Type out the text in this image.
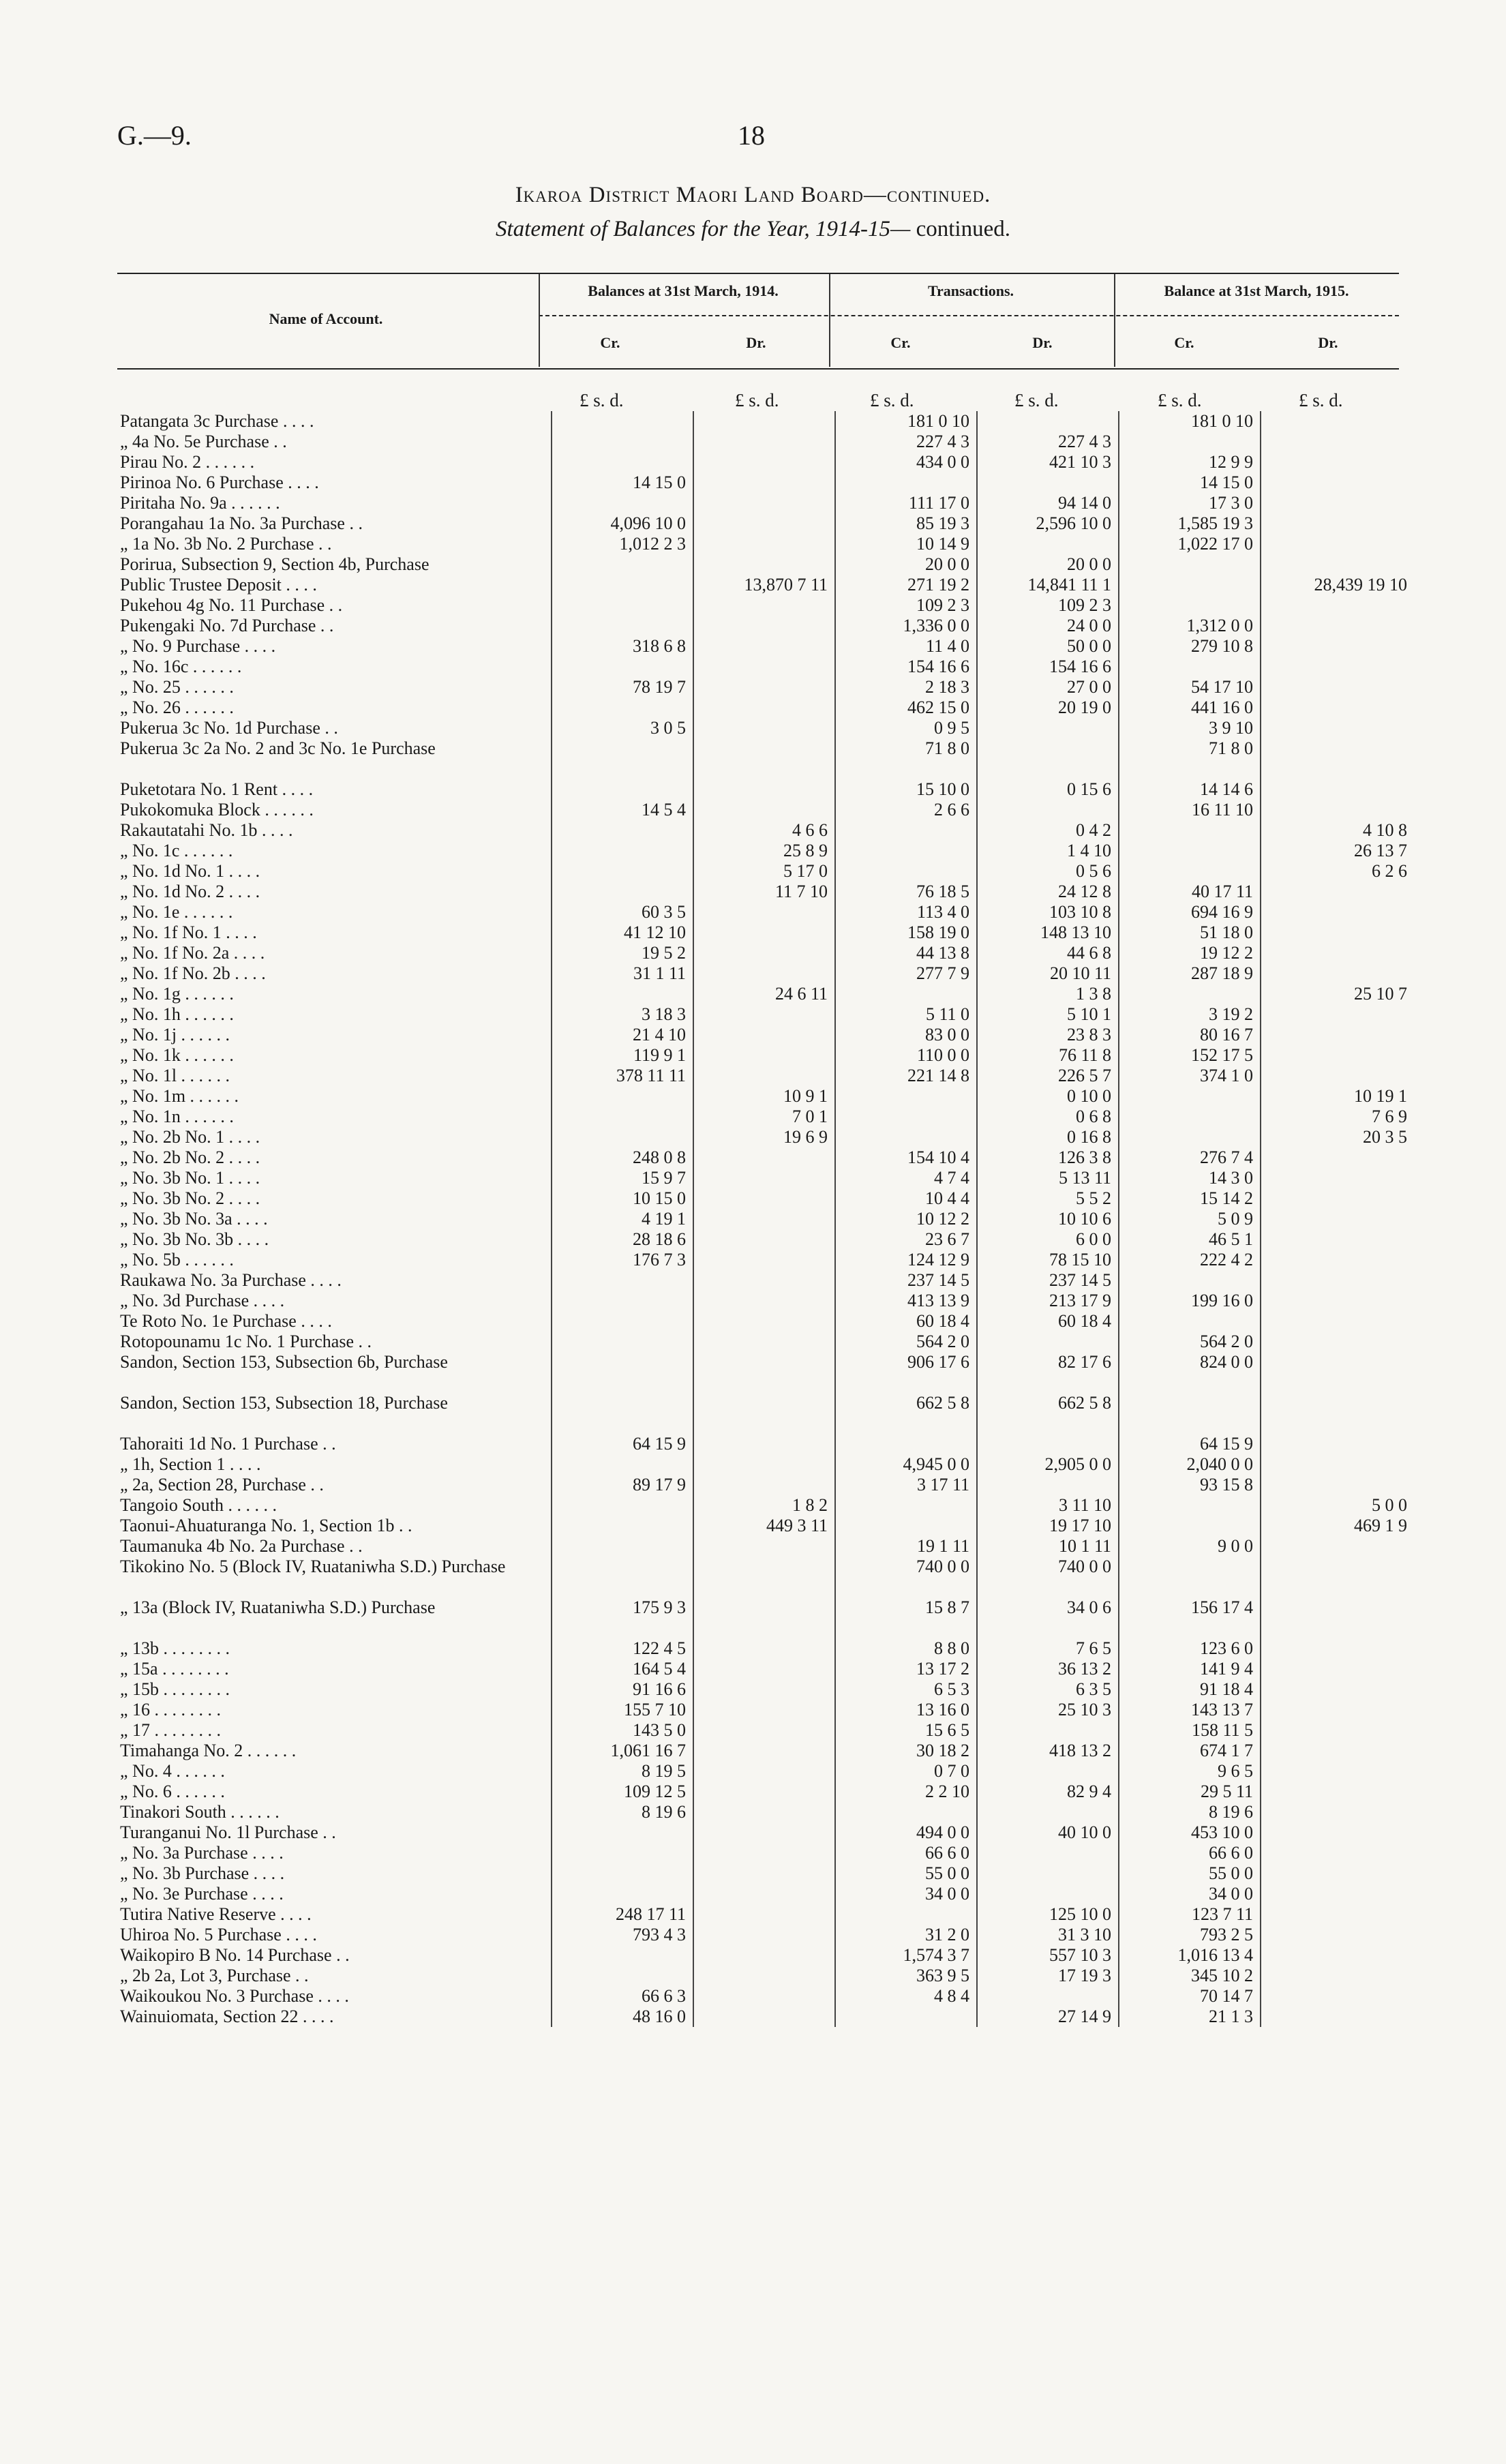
G.—9.	18
Ikaroa District Maori Land Board—continued.
Statement of Balances for the Year, 1914-15— continued.
Name of Account.
Balances at 31st March, 1914.	Transactions.	Balance at 31st March, 1915.
Cr.	Dr.	Cr.	Dr.	Cr.	Dr.
£ s. d.	£ s. d.	£ s. d.	£ s. d.	£ s. d.	£ s. d.
Patangata 3c Purchase . . . .			181 0 10		181 0 10	
„ 4a No. 5e Purchase . .			227 4 3	227 4 3		
Pirau No. 2 . . . . . .			434 0 0	421 10 3	12 9 9	
Pirinoa No. 6 Purchase . . . .	14 15 0				14 15 0	
Piritaha No. 9a . . . . . .			111 17 0	94 14 0	17 3 0	
Porangahau 1a No. 3a Purchase . .	4,096 10 0		85 19 3	2,596 10 0	1,585 19 3	
„ 1a No. 3b No. 2 Purchase . .	1,012 2 3		10 14 9		1,022 17 0	
Porirua, Subsection 9, Section 4b, Purchase			20 0 0	20 0 0		
Public Trustee Deposit . . . .		13,870 7 11	271 19 2	14,841 11 1		28,439 19 10
Pukehou 4g No. 11 Purchase . .			109 2 3	109 2 3		
Pukengaki No. 7d Purchase . .			1,336 0 0	24 0 0	1,312 0 0	
„ No. 9 Purchase . . . .	318 6 8		11 4 0	50 0 0	279 10 8	
„ No. 16c . . . . . .			154 16 6	154 16 6		
„ No. 25 . . . . . .	78 19 7		2 18 3	27 0 0	54 17 10	
„ No. 26 . . . . . .			462 15 0	20 19 0	441 16 0	
Pukerua 3c No. 1d Purchase . .	3 0 5		0 9 5		3 9 10	
Pukerua 3c 2a No. 2 and 3c No. 1e Purchase			71 8 0		71 8 0	
Puketotara No. 1 Rent . . . .			15 10 0	0 15 6	14 14 6	
Pukokomuka Block . . . . . .	14 5 4		2 6 6		16 11 10	
Rakautatahi No. 1b . . . .		4 6 6		0 4 2		4 10 8
„ No. 1c . . . . . .		25 8 9		1 4 10		26 13 7
„ No. 1d No. 1 . . . .		5 17 0		0 5 6		6 2 6
„ No. 1d No. 2 . . . .		11 7 10	76 18 5	24 12 8	40 17 11	
„ No. 1e . . . . . .	60 3 5		113 4 0	103 10 8	694 16 9	
„ No. 1f No. 1 . . . .	41 12 10		158 19 0	148 13 10	51 18 0	
„ No. 1f No. 2a . . . .	19 5 2		44 13 8	44 6 8	19 12 2	
„ No. 1f No. 2b . . . .	31 1 11		277 7 9	20 10 11	287 18 9	
„ No. 1g . . . . . .		24 6 11		1 3 8		25 10 7
„ No. 1h . . . . . .	3 18 3		5 11 0	5 10 1	3 19 2	
„ No. 1j . . . . . .	21 4 10		83 0 0	23 8 3	80 16 7	
„ No. 1k . . . . . .	119 9 1		110 0 0	76 11 8	152 17 5	
„ No. 1l . . . . . .	378 11 11		221 14 8	226 5 7	374 1 0	
„ No. 1m . . . . . .		10 9 1		0 10 0		10 19 1
„ No. 1n . . . . . .		7 0 1		0 6 8		7 6 9
„ No. 2b No. 1 . . . .		19 6 9		0 16 8		20 3 5
„ No. 2b No. 2 . . . .	248 0 8		154 10 4	126 3 8	276 7 4	
„ No. 3b No. 1 . . . .	15 9 7		4 7 4	5 13 11	14 3 0	
„ No. 3b No. 2 . . . .	10 15 0		10 4 4	5 5 2	15 14 2	
„ No. 3b No. 3a . . . .	4 19 1		10 12 2	10 10 6	5 0 9	
„ No. 3b No. 3b . . . .	28 18 6		23 6 7	6 0 0	46 5 1	
„ No. 5b . . . . . .	176 7 3		124 12 9	78 15 10	222 4 2	
Raukawa No. 3a Purchase . . . .			237 14 5	237 14 5		
„ No. 3d Purchase . . . .			413 13 9	213 17 9	199 16 0	
Te Roto No. 1e Purchase . . . .			60 18 4	60 18 4		
Rotopounamu 1c No. 1 Purchase . .			564 2 0		564 2 0	
Sandon, Section 153, Subsection 6b, Purchase			906 17 6	82 17 6	824 0 0	
Sandon, Section 153, Subsection 18, Purchase			662 5 8	662 5 8		
Tahoraiti 1d No. 1 Purchase . .	64 15 9				64 15 9	
„ 1h, Section 1 . . . .			4,945 0 0	2,905 0 0	2,040 0 0	
„ 2a, Section 28, Purchase . .	89 17 9		3 17 11		93 15 8	
Tangoio South . . . . . .		1 8 2		3 11 10		5 0 0
Taonui-Ahuaturanga No. 1, Section 1b . .		449 3 11		19 17 10		469 1 9
Taumanuka 4b No. 2a Purchase . .			19 1 11	10 1 11	9 0 0	
Tikokino No. 5 (Block IV, Ruataniwha S.D.) Purchase			740 0 0	740 0 0		
„ 13a (Block IV, Ruataniwha S.D.) Purchase	175 9 3		15 8 7	34 0 6	156 17 4	
„ 13b . . . . . . . .	122 4 5		8 8 0	7 6 5	123 6 0	
„ 15a . . . . . . . .	164 5 4		13 17 2	36 13 2	141 9 4	
„ 15b . . . . . . . .	91 16 6		6 5 3	6 3 5	91 18 4	
„ 16 . . . . . . . .	155 7 10		13 16 0	25 10 3	143 13 7	
„ 17 . . . . . . . .	143 5 0		15 6 5		158 11 5	
Timahanga No. 2 . . . . . .	1,061 16 7		30 18 2	418 13 2	674 1 7	
„ No. 4 . . . . . .	8 19 5		0 7 0		9 6 5	
„ No. 6 . . . . . .	109 12 5		2 2 10	82 9 4	29 5 11	
Tinakori South . . . . . .	8 19 6				8 19 6	
Turanganui No. 1l Purchase . .			494 0 0	40 10 0	453 10 0	
„ No. 3a Purchase . . . .			66 6 0		66 6 0	
„ No. 3b Purchase . . . .			55 0 0		55 0 0	
„ No. 3e Purchase . . . .			34 0 0		34 0 0	
Tutira Native Reserve . . . .	248 17 11			125 10 0	123 7 11	
Uhiroa No. 5 Purchase . . . .	793 4 3		31 2 0	31 3 10	793 2 5	
Waikopiro B No. 14 Purchase . .			1,574 3 7	557 10 3	1,016 13 4	
„ 2b 2a, Lot 3, Purchase . .			363 9 5	17 19 3	345 10 2	
Waikoukou No. 3 Purchase . . . .	66 6 3		4 8 4		70 14 7	
Wainuiomata, Section 22 . . . .	48 16 0			27 14 9	21 1 3	
